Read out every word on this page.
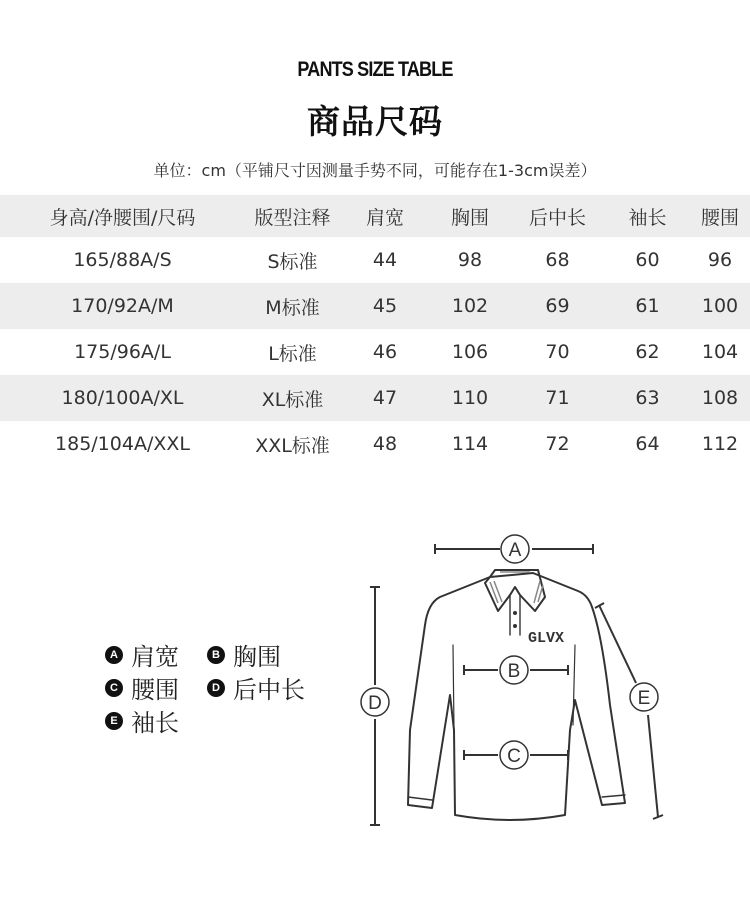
PANTS SIZE TABLE
商品尺码
单位：cm（平铺尺寸因测量手势不同，可能存在1-3cm误差）
身高/净腰围/尺码	版型注释	肩宽	胸围	后中长	袖长	腰围
165/88A/S	S标准	44	98	68	60	96
170/92A/M	M标准	45	102	69	61	100
175/96A/L	L标准	46	106	70	62	104
180/100A/XL	XL标准	47	110	71	63	108
185/104A/XXL	XXL标准	48	114	72	64	112
A 肩宽	B 胸围
C 腰围	D 后中长
E 袖长
GLVX
A
B
C
D	E
